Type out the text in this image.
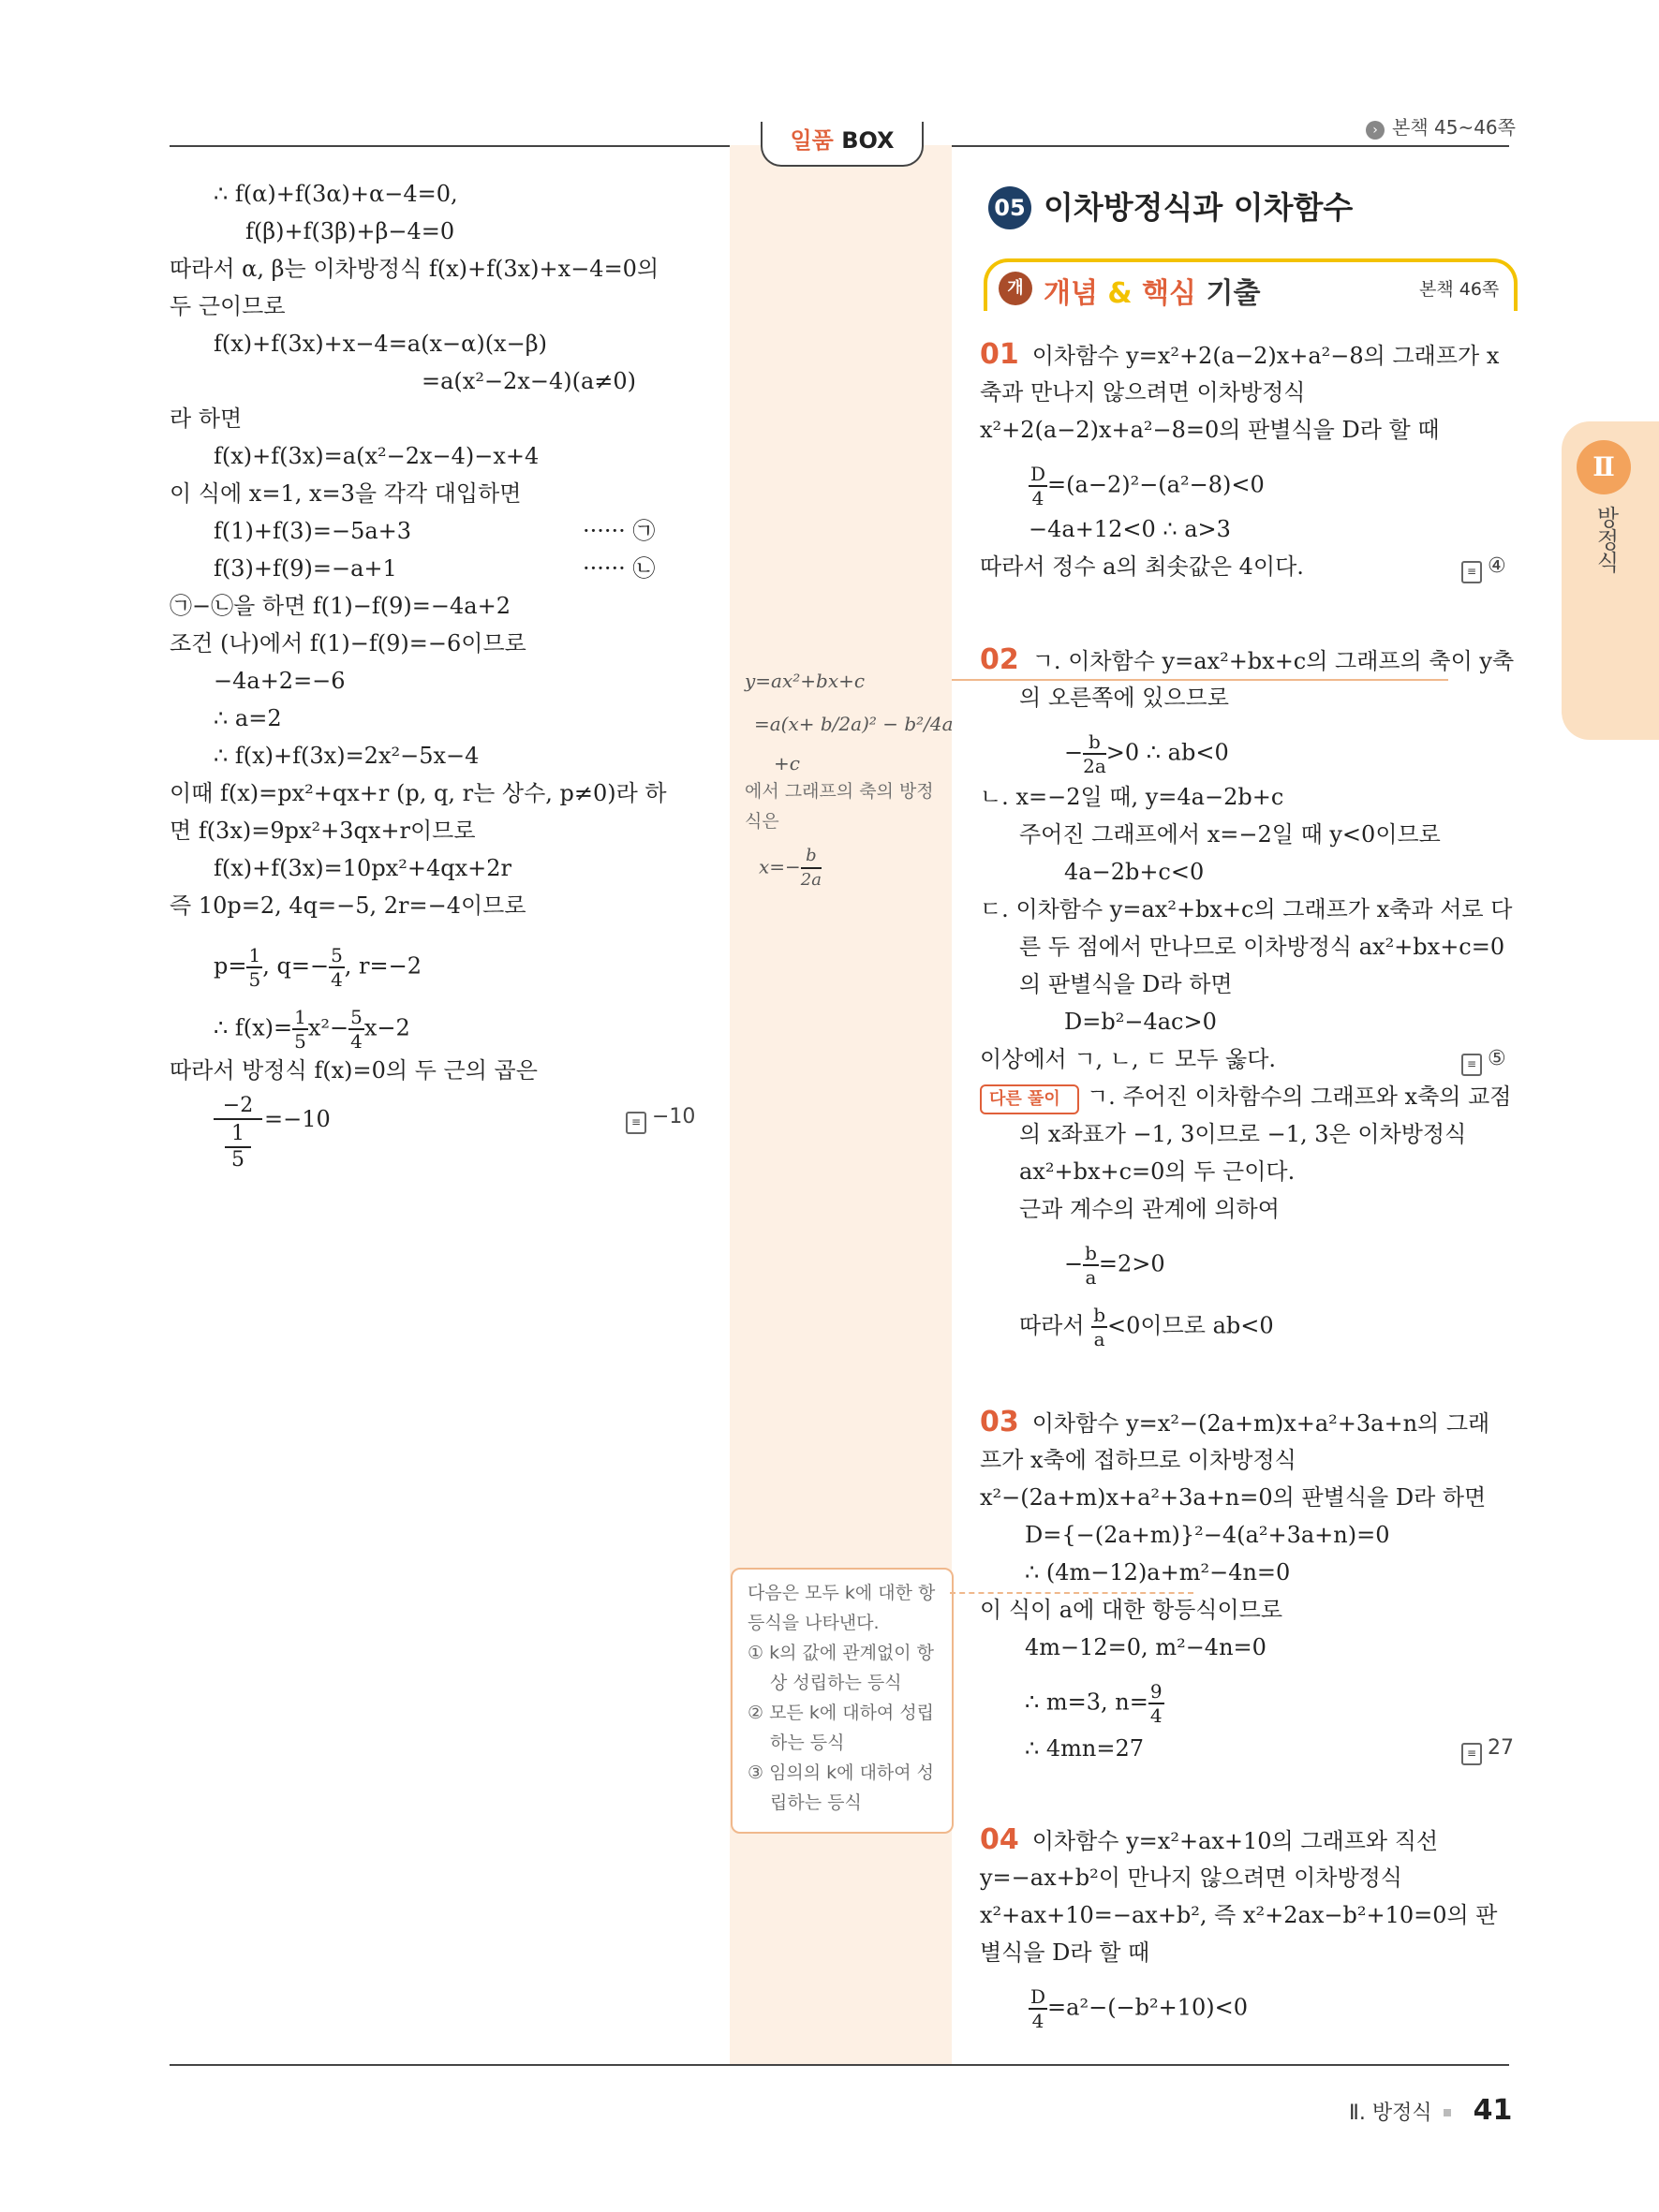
› 본책 45~46쪽
일품 BOX
∴ f(α)+f(3α)+α−4=0,
f(β)+f(3β)+β−4=0
따라서 α, β는 이차방정식 f(x)+f(3x)+x−4=0의
두 근이므로
f(x)+f(3x)+x−4=a(x−α)(x−β)
=a(x²−2x−4)(a≠0)
라 하면
f(x)+f(3x)=a(x²−2x−4)−x+4
이 식에 x=1, x=3을 각각 대입하면
f(1)+f(3)=−5a+3	······ ㉠
f(3)+f(9)=−a+1	······ ㉡
㉠−㉡을 하면 f(1)−f(9)=−4a+2
조건 (나)에서 f(1)−f(9)=−6이므로
−4a+2=−6
∴ a=2
∴ f(x)+f(3x)=2x²−5x−4
이때 f(x)=px²+qx+r (p, q, r는 상수, p≠0)라 하
면 f(3x)=9px²+3qx+r이므로
f(x)+f(3x)=10px²+4qx+2r
즉 10p=2, 4q=−5, 2r=−4이므로
$p= \frac{1}{5}$ , $q=- \frac{5}{4}$ , r=−2
∴ $f(x)= \frac{1}{5} x^2- \frac{5}{4} x-2$
따라서 방정식 f(x)=0의 두 근의 곱은
−2
1
5
=−10	≡ −10
y=ax²+bx+c
=a(x+ b/2a)² − b²/4a
+c
에서 그래프의 축의 방정
식은
$x=- \frac{b}{2a}$
다음은 모두 k에 대한 항
등식을 나타낸다.
① k의 값에 관계없이 항
상 성립하는 등식
② 모든 k에 대하여 성립
하는 등식
③ 임의의 k에 대하여 성
립하는 등식
05 이차방정식과 이차함수
개 개념 & 핵심 기출	본책 46쪽
01 이차함수 y=x²+2(a−2)x+a²−8의 그래프가 x
축과 만나지 않으려면 이차방정식
x²+2(a−2)x+a²−8=0의 판별식을 D라 할 때
$\frac{D}{4} =(a-2)^2-(a^2-8)<0$
−4a+12<0 ∴ a>3
따라서 정수 a의 최솟값은 4이다.	≡ ④
02 ㄱ. 이차함수 y=ax²+bx+c의 그래프의 축이 y축
의 오른쪽에 있으므로
− $\frac{b}{2a} >0$ ∴ ab<0
ㄴ. x=−2일 때, y=4a−2b+c
주어진 그래프에서 x=−2일 때 y<0이므로
4a−2b+c<0
ㄷ. 이차함수 y=ax²+bx+c의 그래프가 x축과 서로 다
른 두 점에서 만나므로 이차방정식 ax²+bx+c=0
의 판별식을 D라 하면
D=b²−4ac>0
이상에서 ㄱ, ㄴ, ㄷ 모두 옳다.	≡ ⑤
다른 풀이	ㄱ. 주어진 이차함수의 그래프와 x축의 교점
의 x좌표가 −1, 3이므로 −1, 3은 이차방정식
ax²+bx+c=0의 두 근이다.
근과 계수의 관계에 의하여
− $\frac{b}{a} =2>0$
따라서 $\frac{b}{a} <0$이므로 ab<0
03 이차함수 y=x²−(2a+m)x+a²+3a+n의 그래
프가 x축에 접하므로 이차방정식
x²−(2a+m)x+a²+3a+n=0의 판별식을 D라 하면
D={−(2a+m)}²−4(a²+3a+n)=0
∴ (4m−12)a+m²−4n=0
이 식이 a에 대한 항등식이므로
4m−12=0, m²−4n=0
∴ m=3, $n= \frac{9}{4}$
∴ 4mn=27	≡ 27
04 이차함수 y=x²+ax+10의 그래프와 직선
y=−ax+b²이 만나지 않으려면 이차방정식
x²+ax+10=−ax+b², 즉 x²+2ax−b²+10=0의 판
별식을 D라 할 때
$\frac{D}{4} =a^2-(-b^2+10)<0$
Ⅱ
방정식
Ⅱ. 방정식 41
